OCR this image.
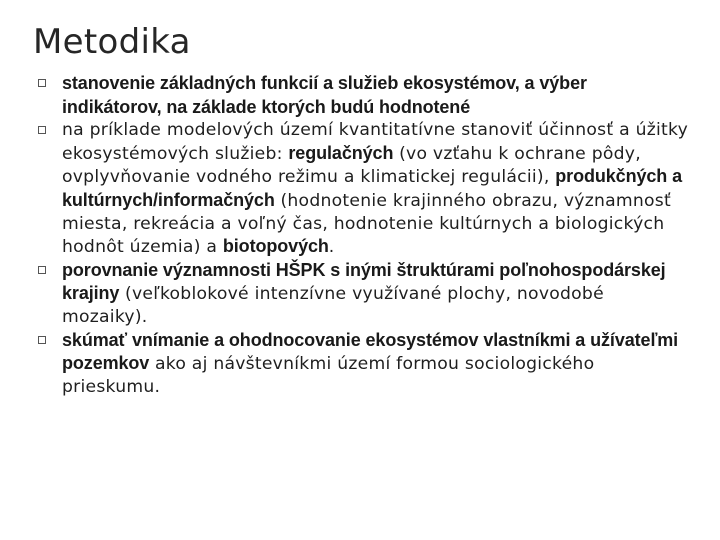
Metodika
stanovenie základných funkcií a služieb ekosystémov, a výber indikátorov, na základe ktorých budú hodnotené
na príklade modelových území kvantitatívne stanoviť účinnosť a úžitky ekosystémových služieb: regulačných (vo vzťahu k ochrane pôdy, ovplyvňovanie vodného režimu a klimatickej regulácii), produkčných a kultúrnych/informačných (hodnotenie krajinného obrazu, významnosť miesta, rekreácia a voľný čas, hodnotenie kultúrnych a biologických hodnôt územia) a biotopových.
porovnanie významnosti HŠPK s inými štruktúrami poľnohospodárskej krajiny (veľkoblokové intenzívne využívané plochy, novodobé mozaiky).
skúmať vnímanie a ohodnocovanie ekosystémov vlastníkmi a užívateľmi pozemkov ako aj návštevníkmi území formou sociologického prieskumu.
